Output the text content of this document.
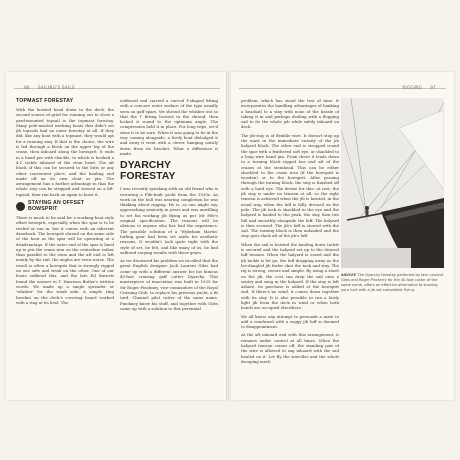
96 SAILING'S SAILS
TOPMAST FORESTAY

With the hoisted head down to the deck, the second source of grief for running out to close a yard-mounted topsail is the topmast forestay. Many pole-masted working boats that didn't set jib topsails had no outer forestay at all. If they did, like any boat with a topmast, they would opt for a running stay. If that is the choice, the wire is led through a block on the upper leg of the crane, then inboard along the bowsprit. It ends in a hand pin with shackle, to which is hooked a 4:1 tackle inboard of the stem head. The aft block of this can be secured to the bitts or any other convenient place, and the hauling end made off on its own cleat or pin. The arrangement has a further advantage in that the whole stay can be stripped and stowed on a lift-topsail, then run back on again to hoist it.

STAYING AN OFFSET BOWSPRIT

There is much to be said for a working-boat style offset bowsprit, especially when the spar is to be reefed or run in, but it comes with an inherent drawback. The bowsprit shroud on the same side of the boat as the spar will be operating at a disadvantage. If the outer end of the spar is lined up to put the crane iron on the centreline rather than parallel to the stem and the aft end is left neatly by the rail, the angles are even worse. The result is often a bowsprit that is strongly rigged on one side and weak on the other. One of our boats suffered this, and the late Ed Burnett found the answer in T. Harrison Butler's written words. We made up a single spreader or 'whisker' for the weak side. A simple ring bracket on the deck's covering board worked with a ring at its heel. The

outboard end carried a curved T-shaped fitting with a concave outer surface of the type usually seen on gaff spars. We shroud the whisker out so that the T fitting located in the shroud, then locked it round to the optimum angle. The compression held it in place. For long trips, we'd seize it to be sure. When it was going to be in the way coming alongside, a lively boat dislodged it and away it went with a clever, banging noisily down from its bracket. What a difference it made.

DYARCHY FORESTAY

I was recently speaking with an old friend who is restoring a Fife-built yacht from the 1930s. As work on the hull was nearing completion he was thinking about rigging. He is, as one might say, approaching seniority in years and was unwilling to set his working jib flying as per Mr Fife's original specification. The reasons will be obvious to anyone who has had the experience. The possible solution of a 'Wykeham Martin' furling gear had been set aside for aesthetic reasons. It wouldn't look quite right with the style of set, he felt, and like many of us, he had suffered varying results with these gears.

As we discussed his problem we recalled that the great English designer Jack Laurent Giles had come up with a different answer for his famous 40-foot cruising gaff cutter Dyarchy. This masterpiece of innovation was built in 1939 for Mr Roger Pinckney, vice-commodore of the Royal Cruising Club, to replace his previous yacht, a fit turd. Channel pilot cutter of the same name. Pinckney knew his stuff, and together with Giles came up with a solution to this perennial

RIGGING 97

problem, which has stood the test of time. It incorporates the handling advantages of hanking a headsail to a stay with none of the hassle of taking it in and perhaps dealing with a flogging sail to do the whole job while safely inboard on deck.

The jib-stay is of flexible wire. It doesn't stop up the mast in the immediate vicinity of the jib halyard block. The other end is stropped round the spar with a feathered soft eye, or shackled to a long wire hand pin. From there it leads down to a turning block rigged low and aft of the cranes at the stemhead. This can be either shackled to the crane iron (if the bowsprit is wooden) or to the bowsprit. After passing through the turning block, the stay is finished off with a hard eye. The devise for this: at rest, the jib stay is under no tension at all, so the right tension is achieved when the jib is hoisted, in the usual way, when the luff is fully dressed on the pole. The jib tack is shackled to the eye and the halyard is hauled to the peak, the stay then lies full and smoothly alongside the luff. The halyard is then secured. The jib's luff is stowed with the sail. The turning block is then unloaded and the stay goes slack aft of the jib's luff.

When the sail is hoisted the hauling down tackle is secured and the halyard set up to the desired luff tension. When the halyard is eased and the jib tackle is let go, the luff dropping away as the lee-dangled jib furler shut the tack and stay. The rig is strong, secure and simple. By using a sheet on the jib, the cost can drop the sail onto a sentry and snug in the halyard. If the stay is left ashore, its purchase is added at the bowsprit end. If there's no wind, it comes down together with its stay. It is also possible to run a fairly light jib from the deck in wind or when both hands are occupied elsewhere.

We all know, any attempt to persuade a mate to add a windward with a soggy jib luff is doomed to disappointment.

At the aft inboard end with this arrangement, it remains under control at all times. When the halyard tension comes off, the standing pair of the wire is allowed to sag inboard with the sail hauled on it. Let fly the traveller and the whole drooping mech

ABOVE The Dyarchy forestay perfected by Jack Laurent Giles and Roger Pinckney for the 40-foot cutter of the same name, offers an effective alternative to shoving your luck with a jib set completely flying.
